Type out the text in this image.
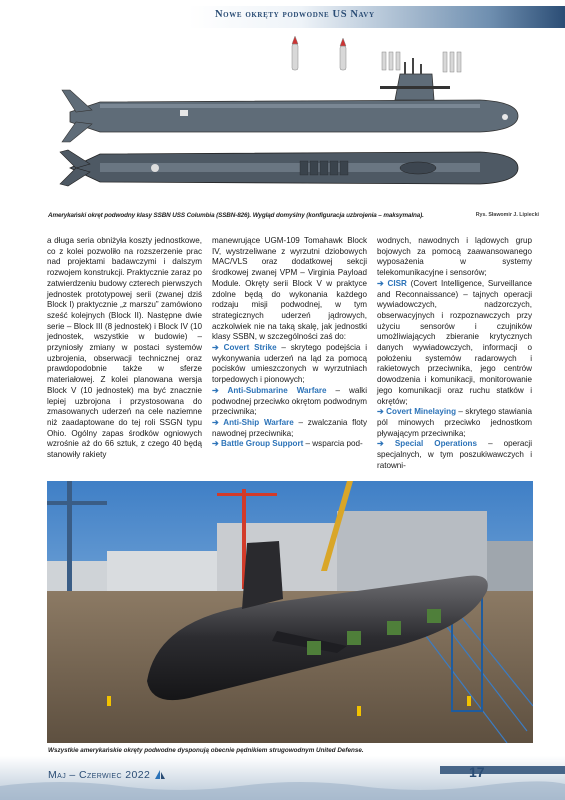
Nowe okręty podwodne US Navy
Amerykański okręt podwodny klasy SSBN USS Columbia (SSBN-826). Wygląd domyślny (konfiguracja uzbrojenia – maksymalna).	Rys. Sławomir J. Lipiecki

a długa seria obniżyła koszty jednostkowe, co z kolei pozwoliło na rozszerzenie prac nad projektami badawczymi i dalszym rozwojem konstrukcji. Praktycznie zaraz po zatwierdzeniu budowy czterech pierwszych jednostek prototypowej serii (zwanej dziś Block I) praktycznie „z marszu” zamówiono sześć kolejnych (Block II). Następne dwie serie – Block III (8 jednostek) i Block IV (10 jednostek, wszystkie w budowie) – przyniosły zmiany w postaci systemów uzbrojenia, obserwacji technicznej oraz prawdopodobnie także w sferze materiałowej. Z kolei planowana wersja Block V (10 jednostek) ma być znacznie lepiej uzbrojona i przystosowana do zmasowanych uderzeń na cele naziemne niż zaadaptowane do tej roli SSGN typu Ohio. Ogólny zapas środków ogniowych wzrośnie aż do 66 sztuk, z czego 40 będą stanowiły rakiety

manewrujące UGM-109 Tomahawk Block IV, wystrzeliwane z wyrzutni dziobowych MAC/VLS oraz dodatkowej sekcji środkowej zwanej VPM – Virginia Payload Module. Okręty serii Block V w praktyce zdolne będą do wykonania każdego rodzaju misji podwodnej, w tym strategicznych uderzeń jądrowych, aczkolwiek nie na taką skalę, jak jednostki klasy SSBN, w szczególności zaś do:

➔ Covert Strike – skrytego podejścia i wykonywania uderzeń na ląd za pomocą pocisków umieszczonych w wyrzutniach torpedowych i pionowych;

➔ Anti-Submarine Warfare – walki podwodnej przeciwko okrętom podwodnym przeciwnika;

➔ Anti-Ship Warfare – zwalczania floty nawodnej przeciwnika;

➔ Battle Group Support – wsparcia pod-

wodnych, nawodnych i lądowych grup bojowych za pomocą zaawansowanego wyposażenia w systemy telekomunikacyjne i sensorów;

➔ CISR (Covert Intelligence, Surveillance and Reconnaissance) – tajnych operacji wywiadowczych, nadzorczych, obserwacyjnych i rozpoznawczych przy użyciu sensorów i czujników umożliwiających zbieranie krytycznych danych wywiadowczych, informacji o położeniu systemów radarowych i rakietowych przeciwnika, jego centrów dowodzenia i komunikacji, monitorowanie jego komunikacji oraz ruchu statków i okrętów;

➔ Covert Minelaying – skrytego stawiania pól minowych przeciwko jednostkom pływającym przeciwnika;

➔ Special Operations – operacji specjalnych, w tym poszukiwawczych i ratowni-

Wszystkie amerykańskie okręty podwodne dysponują obecnie pędnikiem strugowodnym United Defense.
Maj – Czerwiec 2022	17
